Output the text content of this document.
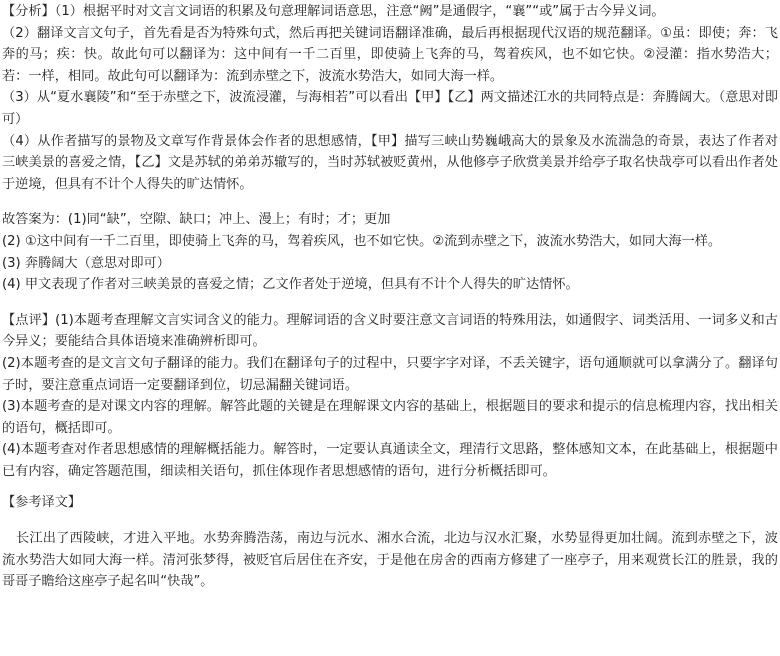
【分析】（1）根据平时对文言文词语的积累及句意理解词语意思，注意“阙”是通假字，“襄”“或”属于古今异义词。
（2）翻译文言文句子，首先看是否为特殊句式，然后再把关键词语翻译准确，最后再根据现代汉语的规范翻译。①虽：即使；奔：飞奔的马；疾：快。故此句可以翻译为：这中间有一千二百里，即使骑上飞奔的马，驾着疾风，也不如它快。②浸灌：指水势浩大；若：一样，相同。故此句可以翻译为：流到赤壁之下，波流水势浩大，如同大海一样。
（3）从“夏水襄陵”和“至于赤壁之下，波流浸灌，与海相若”可以看出【甲】【乙】两文描述江水的共同特点是：奔腾阔大。（意思对即可）
（4）从作者描写的景物及文章写作背景体会作者的思想感情，【甲】描写三峡山势巍峨高大的景象及水流湍急的奇景，表达了作者对三峡美景的喜爱之情，【乙】文是苏轼的弟弟苏辙写的，当时苏轼被贬黄州，从他修亭子欣赏美景并给亭子取名快哉亭可以看出作者处于逆境，但具有不计个人得失的旷达情怀。
故答案为：(1)同“缺”，空隙、缺口；冲上、漫上；有时；才；更加
(2) ①这中间有一千二百里，即使骑上飞奔的马，驾着疾风，也不如它快。②流到赤壁之下，波流水势浩大，如同大海一样。
(3) 奔腾阔大（意思对即可）
(4) 甲文表现了作者对三峡美景的喜爱之情；乙文作者处于逆境，但具有不计个人得失的旷达情怀。
【点评】(1)本题考查理解文言实词含义的能力。理解词语的含义时要注意文言词语的特殊用法，如通假字、词类活用、一词多义和古今异义；要能结合具体语境来准确辨析即可。
(2)本题考查的是文言文句子翻译的能力。我们在翻译句子的过程中，只要字字对译，不丢关键字，语句通顺就可以拿满分了。翻译句子时，要注意重点词语一定要翻译到位，切忌漏翻关键词语。
(3)本题考查的是对课文内容的理解。解答此题的关键是在理解课文内容的基础上，根据题目的要求和提示的信息梳理内容，找出相关的语句，概括即可。
(4)本题考查对作者思想感情的理解概括能力。解答时，一定要认真通读全文，理清行文思路，整体感知文本，在此基础上，根据题中已有内容，确定答题范围，细读相关语句，抓住体现作者思想感情的语句，进行分析概括即可。
【参考译文】
长江出了西陵峡，才进入平地。水势奔腾浩荡，南边与沅水、湘水合流，北边与汉水汇聚，水势显得更加壮阔。流到赤壁之下，波流水势浩大如同大海一样。清河张梦得，被贬官后居住在齐安，于是他在房舍的西南方修建了一座亭子，用来观赏长江的胜景，我的哥哥子瞻给这座亭子起名叫“快哉”。
